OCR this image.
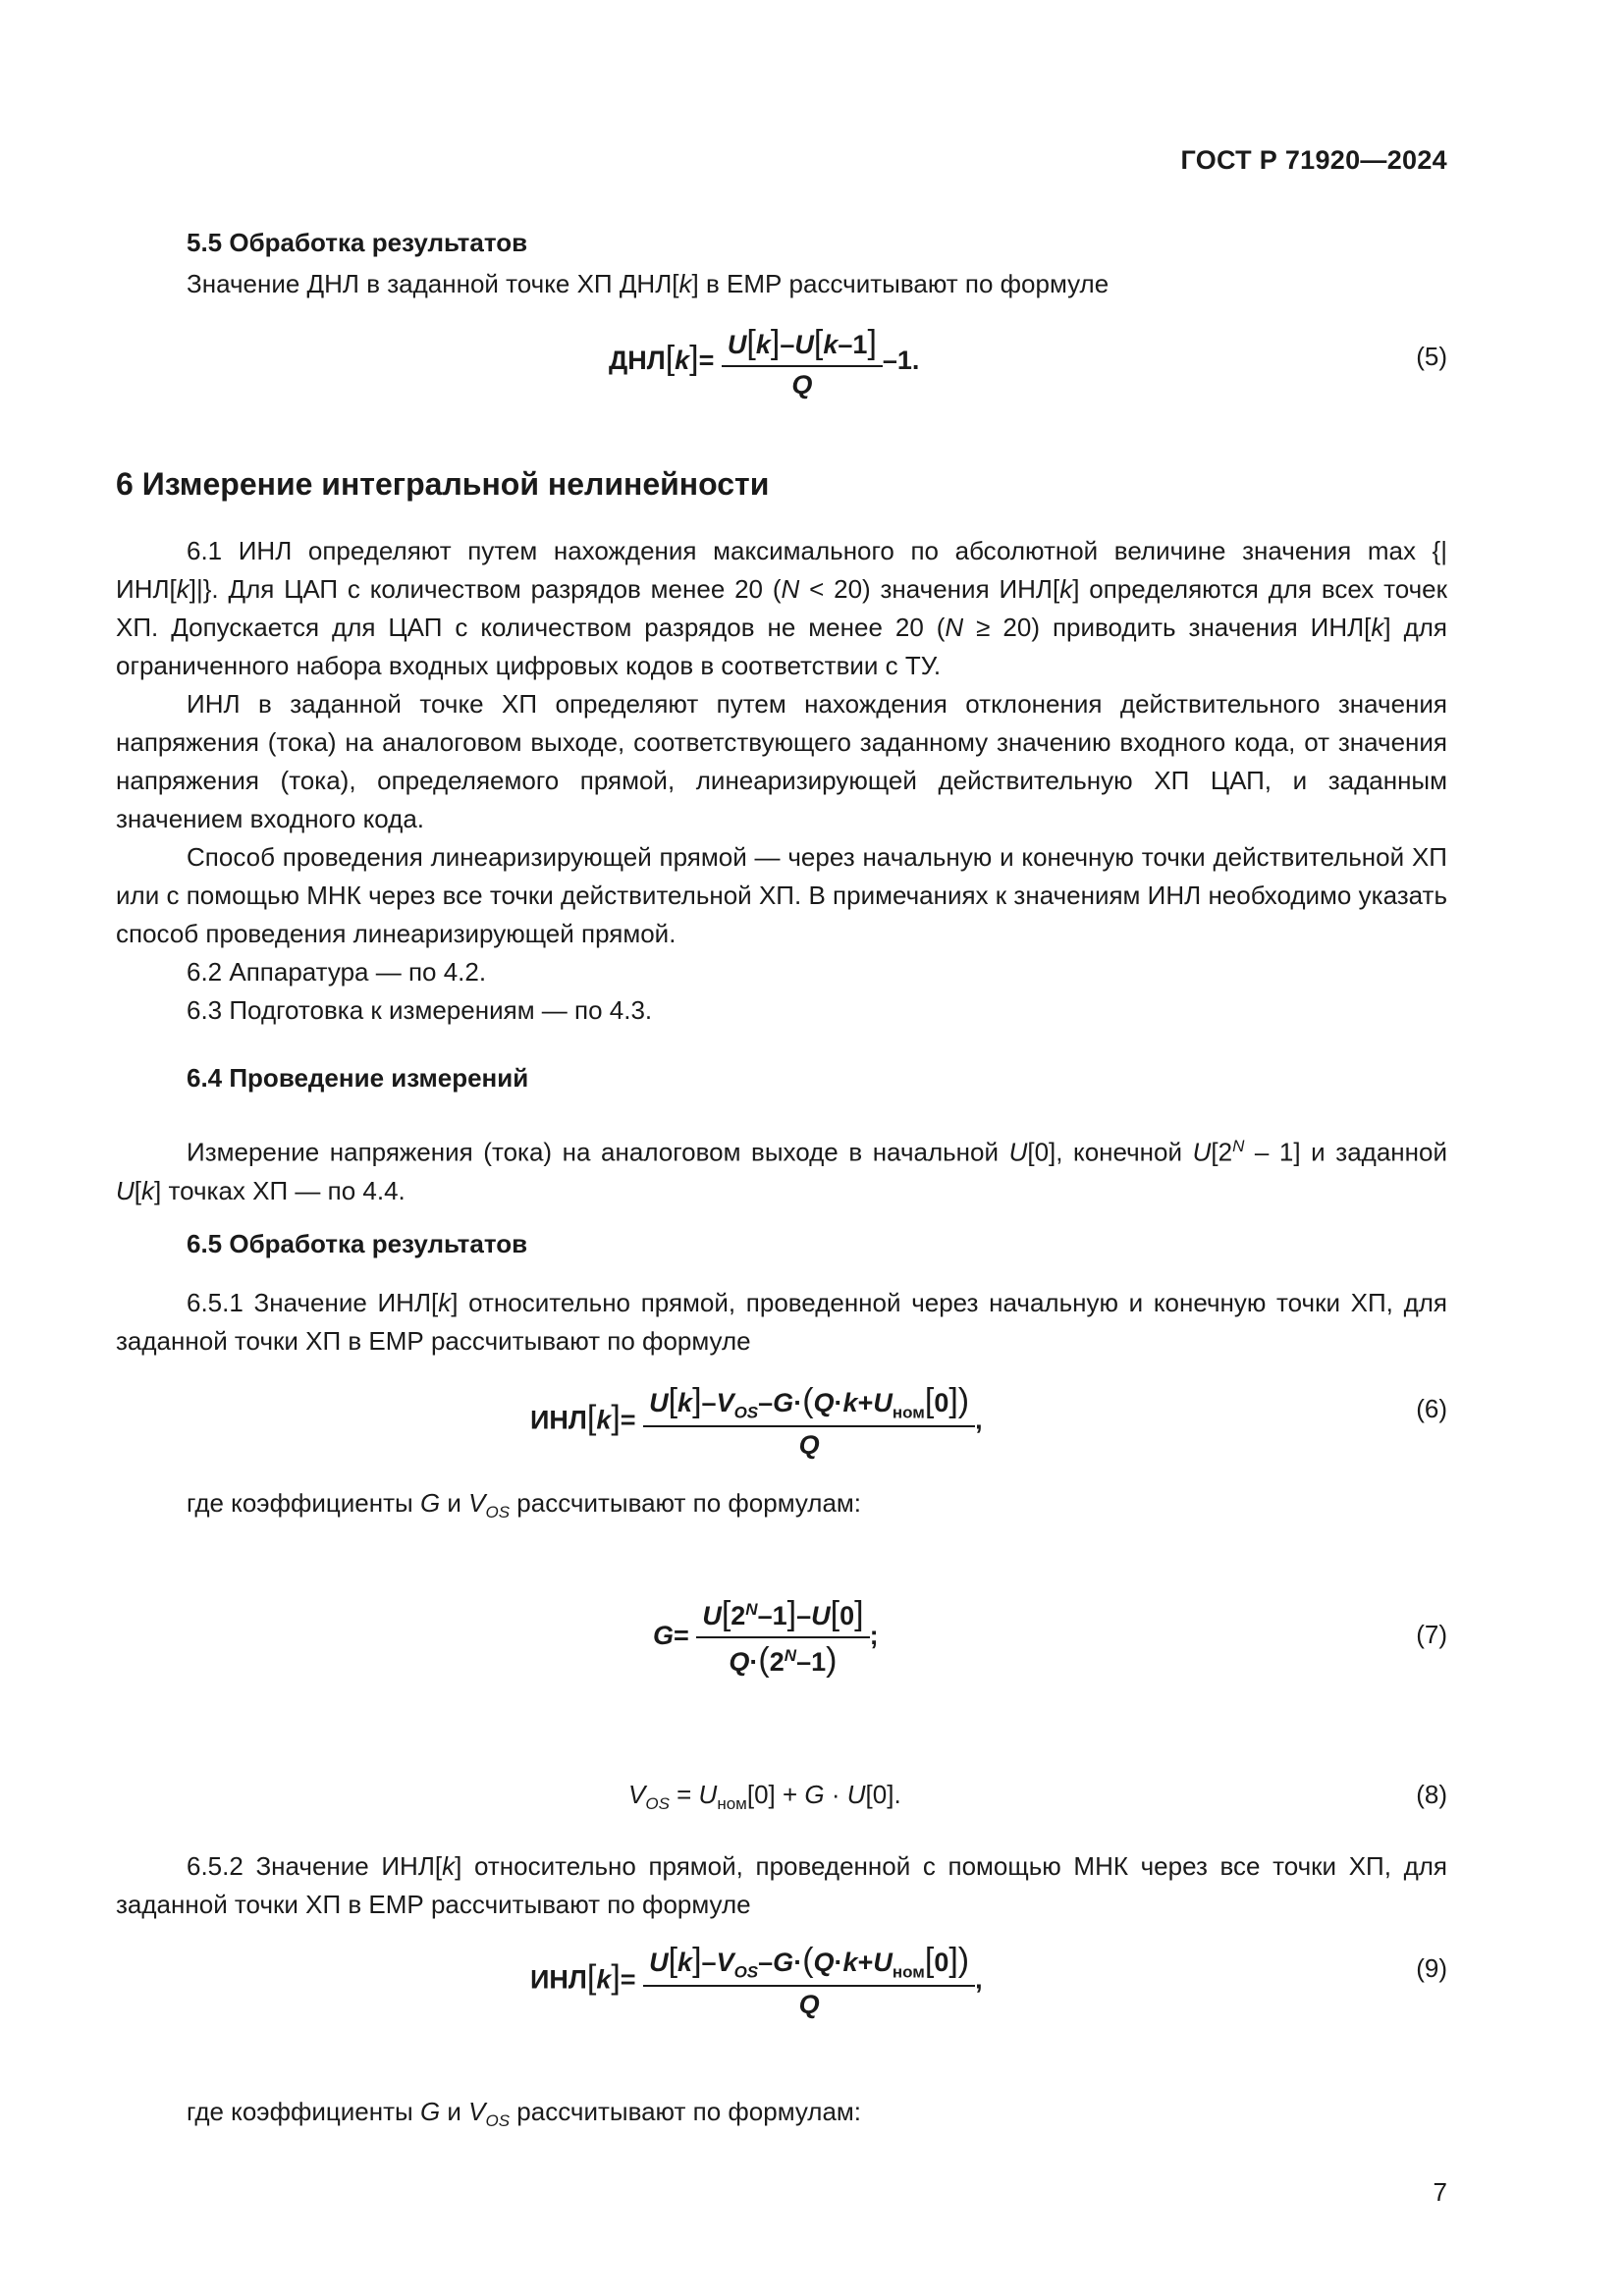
ГОСТ Р 71920—2024
5.5 Обработка результатов
Значение ДНЛ в заданной точке ХП ДНЛ[k] в ЕМР рассчитывают по формуле
$ДНЛ[k]= \frac{U[k]-U[k-1]}{Q} -1$.	(5)
6 Измерение интегральной нелинейности

6.1 ИНЛ определяют путем нахождения максимального по абсолютной величине значения max {|ИНЛ[k]|}. Для ЦАП с количеством разрядов менее 20 (N < 20) значения ИНЛ[k] определяются для всех точек ХП. Допускается для ЦАП с количеством разрядов не менее 20 (N ≥ 20) приводить значения ИНЛ[k] для ограниченного набора входных цифровых кодов в соответствии с ТУ.

ИНЛ в заданной точке ХП определяют путем нахождения отклонения действительного значения напряжения (тока) на аналоговом выходе, соответствующего заданному значению входного кода, от значения напряжения (тока), определяемого прямой, линеаризирующей действительную ХП ЦАП, и заданным значением входного кода.

Способ проведения линеаризирующей прямой — через начальную и конечную точки действительной ХП или с помощью МНК через все точки действительной ХП. В примечаниях к значениям ИНЛ необходимо указать способ проведения линеаризирующей прямой.

6.2 Аппаратура — по 4.2.

6.3 Подготовка к измерениям — по 4.3.

6.4 Проведение измерений

Измерение напряжения (тока) на аналоговом выходе в начальной U[0], конечной $U[2^N - 1]$ и заданной U[k] точках ХП — по 4.4.

6.5 Обработка результатов

6.5.1 Значение ИНЛ[k] относительно прямой, проведенной через начальную и конечную точки ХП, для заданной точки ХП в ЕМР рассчитывают по формуле

$ИНЛ[k]= \frac{U[k]-V_{OS}-G\cdot(Q\cdot k+U_{ном}[0])}{Q}$ ,	(6)
где коэффициенты G и $V_{OS}$ рассчитывают по формулам:
$G= \frac{U[2^N-1]-U[0]}{Q\cdot(2^N-1)}$ ;	(7)
$V_{OS} = U_{ном}[0] + G \cdot U[0]$.	(8)

6.5.2 Значение ИНЛ[k] относительно прямой, проведенной с помощью МНК через все точки ХП, для заданной точки ХП в ЕМР рассчитывают по формуле

$ИНЛ[k]= \frac{U[k]-V_{OS}-G\cdot(Q\cdot k+U_{ном}[0])}{Q}$ ,	(9)
где коэффициенты G и $V_{OS}$ рассчитывают по формулам:
7
